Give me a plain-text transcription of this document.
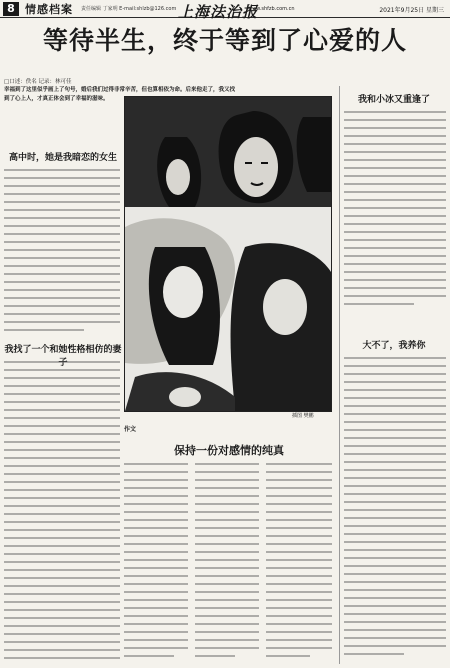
8 情感档案 责任编辑 丁家明 E-mail:shlzb@126.com 上海法治报
www.shfzb.com.cn	2021年9月25日 星期三
等待半生，终于等到了心爱的人
□口述：佚名 记录：林可佳
幸福到了这里似乎画上了句号，婚后我们过得非常辛苦，但也算相依为命。后来他走了，我又找到了心上人，才真正体会到了幸福的滋味。
高中时，她是我暗恋的女生
我找了一个和她性格相仿的妻子
插图 樊鹏
作文
保持一份对感情的纯真
我和小冰又重逢了
大不了，我养你
